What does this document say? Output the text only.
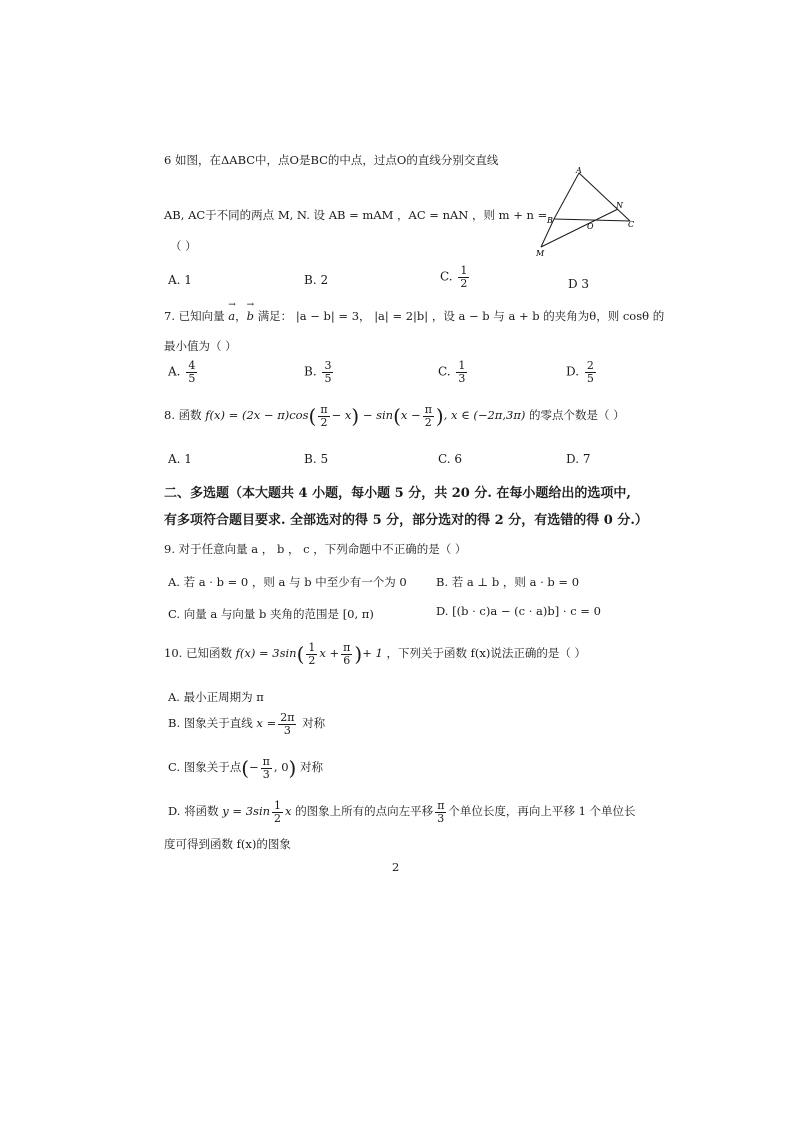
6 如图，在ΔABC中，点O是BC的中点，过点O的直线分别交直线
AB, AC于不同的两点 M, N. 设 AB = mAM ，AC = nAN ，则 m + n =
（ ）
A
B	C
O
M
N
A. 1	B. 2	C. $\frac{1}{2}$	D 3
7. 已知向量 → a，→ b 满足： |a − b| = 3， |a| = 2|b| ，设 a − b 与 a + b 的夹角为θ，则 cosθ 的
最小值为（ ）
A. $\frac{4}{5}$	B. $\frac{3}{5}$	C. $\frac{1}{3}$	D. $\frac{2}{5}$
8. 函数 $f(x) = (2x - \pi)\cos( \frac{\pi}{2} - x) - \sin(x - \frac{\pi}{2}$ ), x ∈ (−2π,3π) 的零点个数是（ ）
A. 1	B. 5	C. 6	D. 7
二、多选题（本大题共 4 小题，每小题 5 分，共 20 分. 在每小题给出的选项中,
有多项符合题目要求. 全部选对的得 5 分，部分选对的得 2 分，有选错的得 0 分.）
9. 对于任意向量 a ， b ， c ，下列命题中不正确的是（ ）
A. 若 a · b = 0 ，则 a 与 b 中至少有一个为 0	B. 若 a ⊥ b ，则 a · b = 0
C. 向量 a 与向量 b 夹角的范围是 [0, π)	D. [(b · c)a − (c · a)b] · c = 0
10. 已知函数 $f(x) = 3\sin( \frac{1}{2}$ $x + \frac{\pi}{6}$ )+ 1 ，下列关于函数 f(x)说法正确的是（ ）
A. 最小正周期为 π
B. 图象关于直线 $x = \frac{2\pi}{3}$ 对称
C. 图象关于点(− $\frac{\pi}{3}$ , 0) 对称
D. 将函数 $y = 3\sin \frac{1}{2}$ x 的图象上所有的点向左平移 $\frac{\pi}{3}$ 个单位长度，再向上平移 1 个单位长
度可得到函数 f(x)的图象
2
